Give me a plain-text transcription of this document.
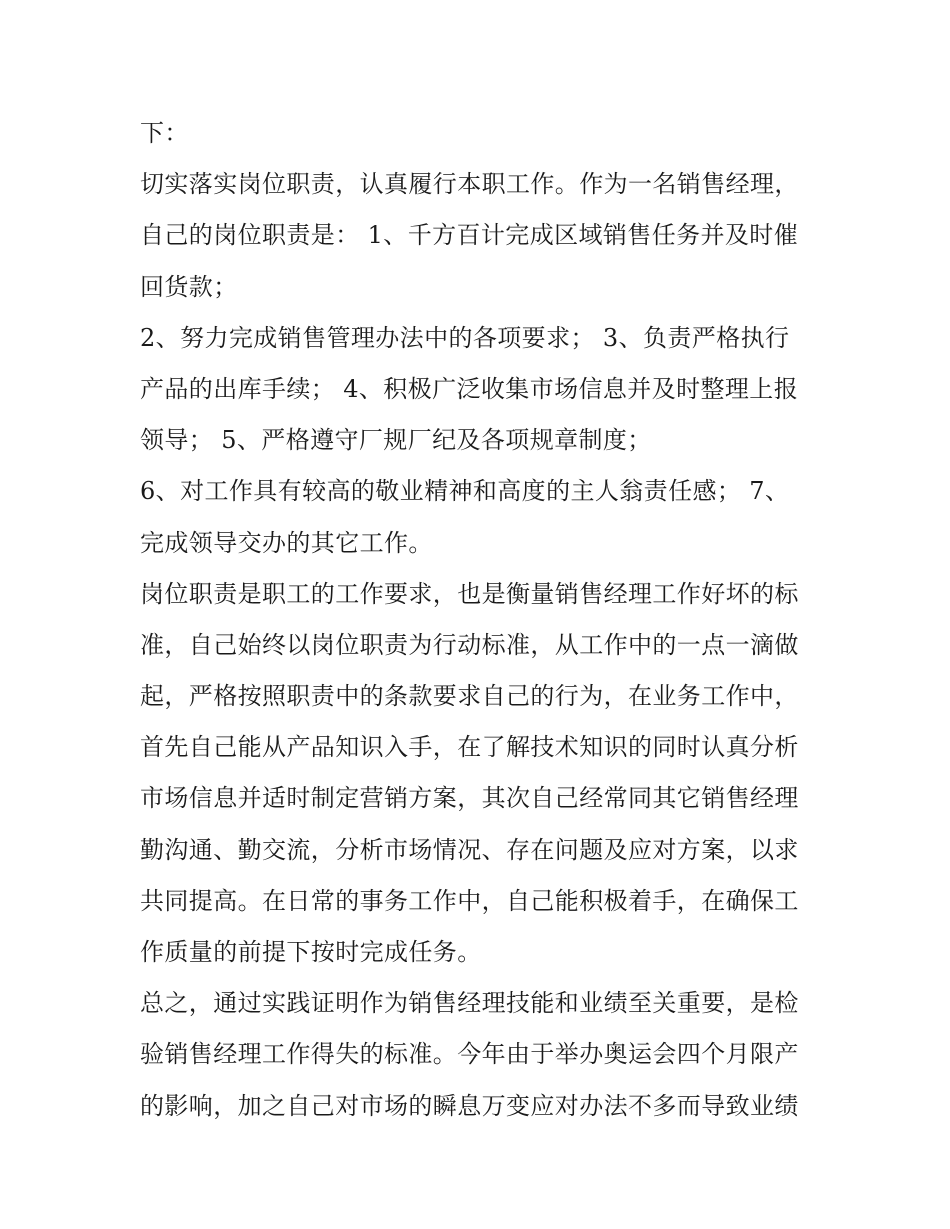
下：
切实落实岗位职责，认真履行本职工作。作为一名销售经理，
自己的岗位职责是： 1、千方百计完成区域销售任务并及时催
回货款；
2、努力完成销售管理办法中的各项要求； 3、负责严格执行
产品的出库手续； 4、积极广泛收集市场信息并及时整理上报
领导； 5、严格遵守厂规厂纪及各项规章制度；
6、对工作具有较高的敬业精神和高度的主人翁责任感； 7、
完成领导交办的其它工作。
岗位职责是职工的工作要求，也是衡量销售经理工作好坏的标
准，自己始终以岗位职责为行动标准，从工作中的一点一滴做
起，严格按照职责中的条款要求自己的行为，在业务工作中，
首先自己能从产品知识入手，在了解技术知识的同时认真分析
市场信息并适时制定营销方案，其次自己经常同其它销售经理
勤沟通、勤交流，分析市场情况、存在问题及应对方案，以求
共同提高。在日常的事务工作中，自己能积极着手，在确保工
作质量的前提下按时完成任务。
总之，通过实践证明作为销售经理技能和业绩至关重要，是检
验销售经理工作得失的标准。今年由于举办奥运会四个月限产
的影响，加之自己对市场的瞬息万变应对办法不多而导致业绩
